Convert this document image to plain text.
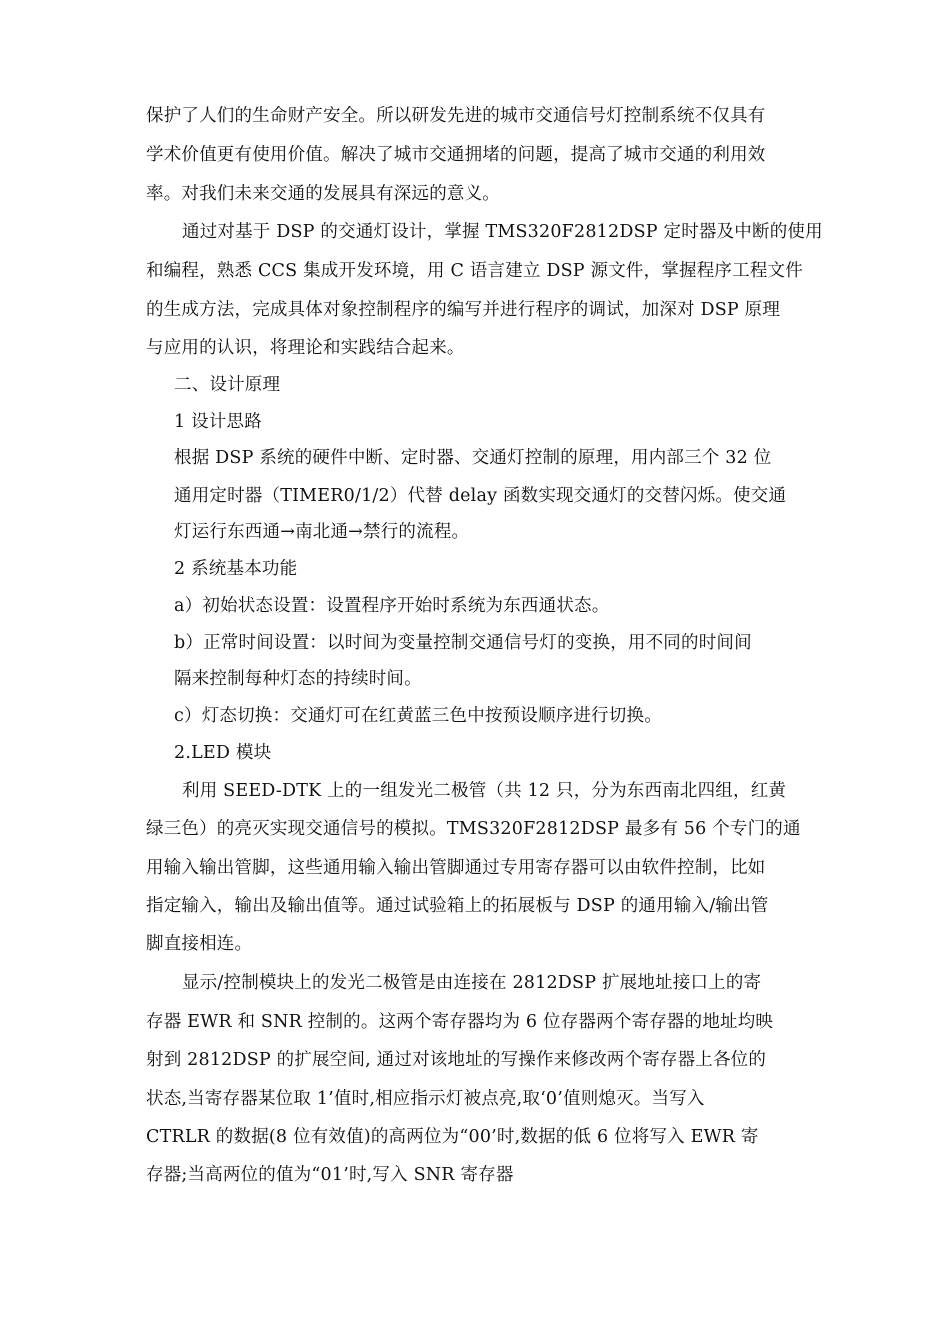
保护了人们的生命财产安全。所以研发先进的城市交通信号灯控制系统不仅具有
学术价值更有使用价值。解决了城市交通拥堵的问题，提高了城市交通的利用效
率。对我们未来交通的发展具有深远的意义。
通过对基于 DSP 的交通灯设计，掌握 TMS320F2812DSP 定时器及中断的使用
和编程，熟悉 CCS 集成开发环境，用 C 语言建立 DSP 源文件，掌握程序工程文件
的生成方法，完成具体对象控制程序的编写并进行程序的调试，加深对 DSP 原理
与应用的认识，将理论和实践结合起来。
二、设计原理
1 设计思路
根据 DSP 系统的硬件中断、定时器、交通灯控制的原理，用内部三个 32 位
通用定时器（TIMER0/1/2）代替 delay 函数实现交通灯的交替闪烁。使交通
灯运行东西通→南北通→禁行的流程。
2 系统基本功能
a）初始状态设置：设置程序开始时系统为东西通状态。
b）正常时间设置：以时间为变量控制交通信号灯的变换，用不同的时间间
隔来控制每种灯态的持续时间。
c）灯态切换：交通灯可在红黄蓝三色中按预设顺序进行切换。
2.LED 模块
利用 SEED-DTK 上的一组发光二极管（共 12 只，分为东西南北四组，红黄
绿三色）的亮灭实现交通信号的模拟。TMS320F2812DSP 最多有 56 个专门的通
用输入输出管脚，这些通用输入输出管脚通过专用寄存器可以由软件控制，比如
指定输入，输出及输出值等。通过试验箱上的拓展板与 DSP 的通用输入/输出管
脚直接相连。
显示/控制模块上的发光二极管是由连接在 2812DSP 扩展地址接口上的寄
存器 EWR 和 SNR 控制的。这两个寄存器均为 6 位存器两个寄存器的地址均映
射到 2812DSP 的扩展空间, 通过对该地址的写操作来修改两个寄存器上各位的
状态,当寄存器某位取 1’值时,相应指示灯被点亮,取‘0’值则熄灭。当写入
CTRLR 的数据(8 位有效值)的高两位为“00’时,数据的低 6 位将写入 EWR 寄
存器;当高两位的值为“01’时,写入 SNR 寄存器
